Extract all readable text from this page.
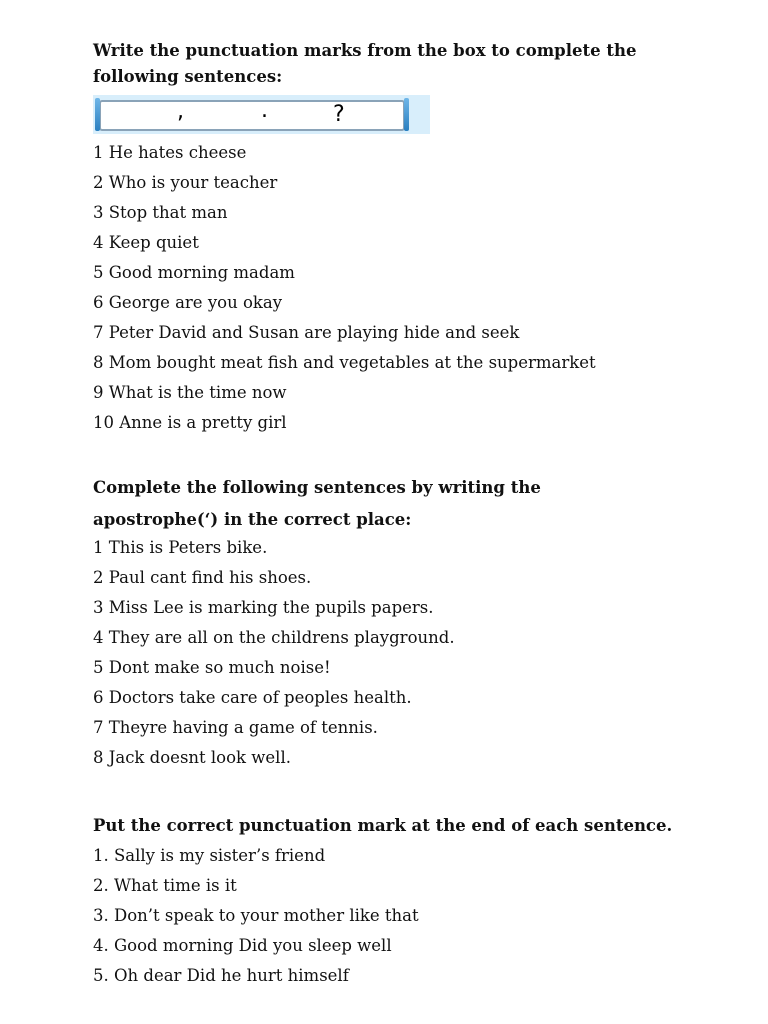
Write the punctuation marks from the box to complete the following sentences:

,	.	?
1 He hates cheese
2 Who is your teacher
3 Stop that man
4 Keep quiet
5 Good morning madam
6 George are you okay
7 Peter David and Susan are playing hide and seek
8 Mom bought meat fish and vegetables at the supermarket
9 What is the time now
10 Anne is a pretty girl

Complete the following sentences by writing the

apostrophe(‘) in the correct place:

1 This is Peters bike.
2 Paul cant find his shoes.
3 Miss Lee is marking the pupils papers.
4 They are all on the childrens playground.
5 Dont make so much noise!
6 Doctors take care of peoples health.
7 Theyre having a game of tennis.
8 Jack doesnt look well.

Put the correct punctuation mark at the end of each sentence.

1. Sally is my sister’s friend
2. What time is it
3. Don’t speak to your mother like that
4. Good morning Did you sleep well
5. Oh dear Did he hurt himself
